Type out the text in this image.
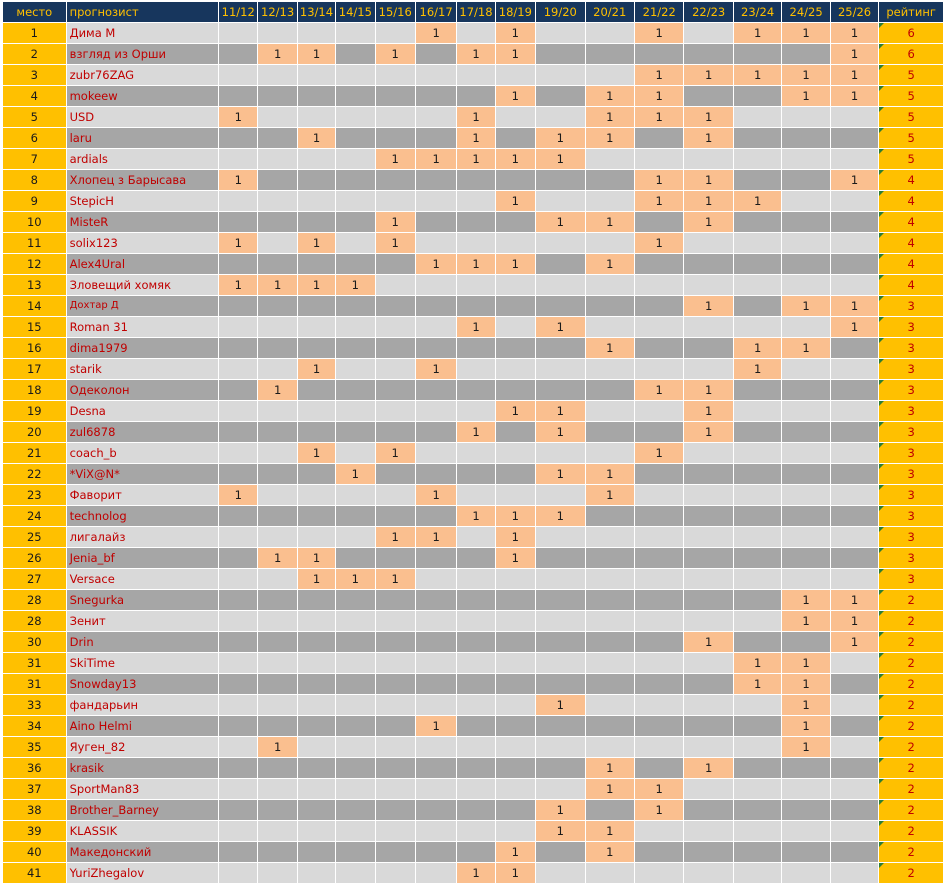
место	прогнозист	11/12	12/13	13/14	14/15	15/16	16/17	17/18	18/19	19/20	20/21	21/22	22/23	23/24	24/25	25/26	рейтинг
1	Дима М						1		1			1		1	1	1	6
2	взгляд из Орши		1	1		1		1	1							1	6
3	zubr76ZAG											1	1	1	1	1	5
4	mokeew								1		1	1			1	1	5
5	USD	1						1			1	1	1				5
6	laru			1				1		1	1		1				5
7	ardials					1	1	1	1	1							5
8	Хлопец з Барысава	1										1	1			1	4
9	StepicH								1			1	1	1			4
10	MisteR					1				1	1		1				4
11	solix123	1		1		1						1					4
12	Alex4Ural						1	1	1		1						4
13	Зловещий хомяк	1	1	1	1												4
14	Дохтар Д												1		1	1	3
15	Roman 31							1		1						1	3
16	dima1979										1			1	1		3
17	starik			1			1							1			3
18	Одеколон		1									1	1				3
19	Desna								1	1			1				3
20	zul6878							1		1			1				3
21	coach_b			1		1						1					3
22	*ViX@N*				1					1	1						3
23	Фаворит	1					1				1						3
24	technolog							1	1	1							3
25	лигалайз					1	1		1								3
26	Jenia_bf		1	1					1								3
27	Versace			1	1	1											3
28	Snegurka														1	1	2
28	Зенит														1	1	2
30	Drin												1			1	2
31	SkiTime													1	1		2
31	Snowday13													1	1		2
33	фандарьин									1					1		2
34	Aino Helmi						1								1		2
35	Яуген_82		1												1		2
36	krasik										1		1				2
37	SportMan83										1	1					2
38	Brother_Barney									1		1					2
39	KLASSIK									1	1						2
40	Македонский								1		1						2
41	YuriZhegalov							1	1								2
